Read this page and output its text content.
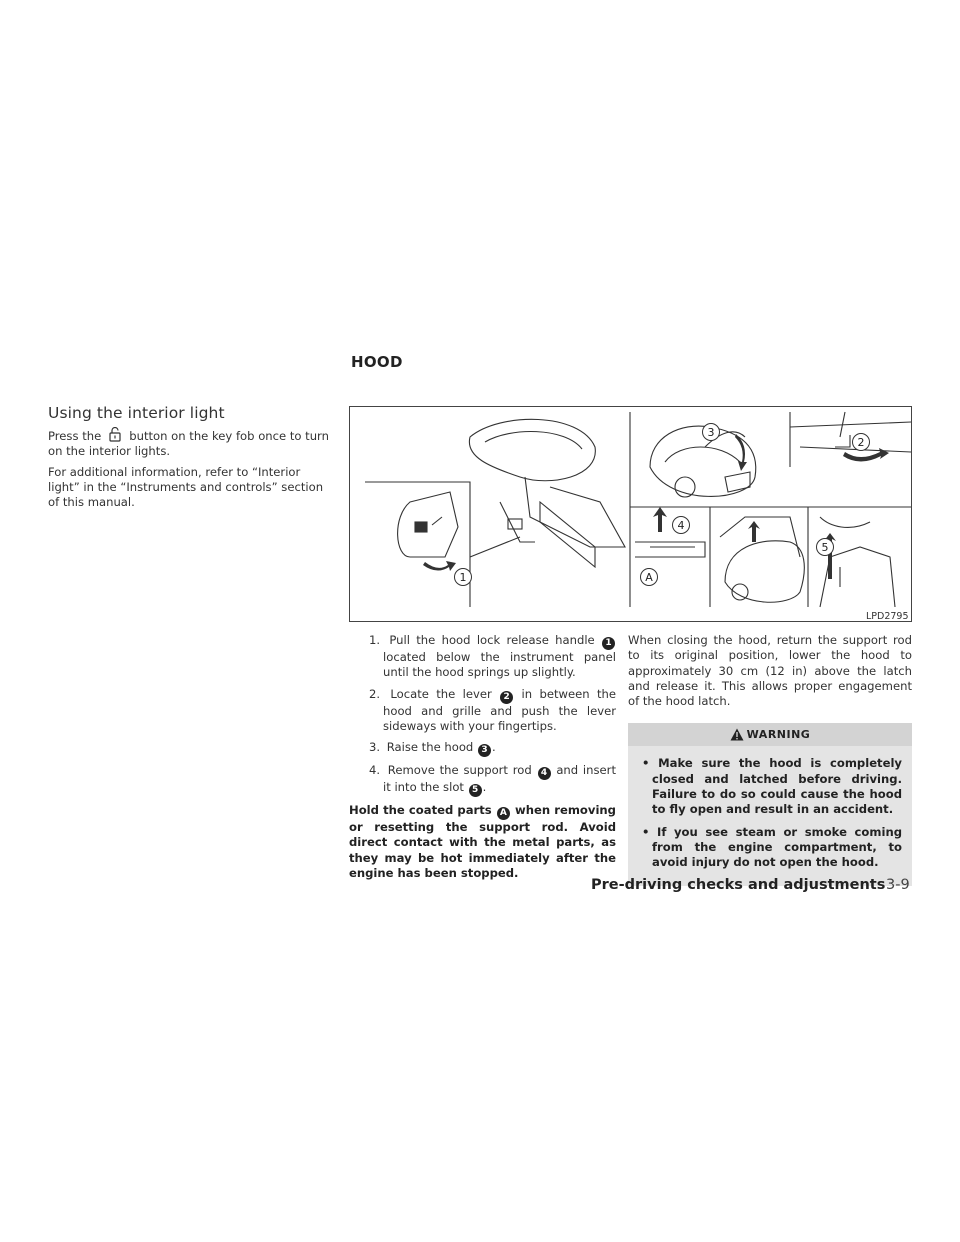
Using the interior light

Press the button on the key fob once to turn on the interior lights.

For additional information, refer to “Interior light” in the “Instruments and controls” section of this manual.

HOOD
1
2
3
4
5
A
LPD2795
1. Pull the hood lock release handle 1 located below the instrument panel until the hood springs up slightly.
2. Locate the lever 2 in between the hood and grille and push the lever sideways with your fingertips.
3. Raise the hood 3 .
4. Remove the support rod 4 and insert it into the slot 5 .
Hold the coated parts A when removing or resetting the support rod. Avoid direct contact with the metal parts, as they may be hot immediately after the engine has been stopped.

When closing the hood, return the support rod to its original position, lower the hood to approximately 30 cm (12 in) above the latch and release it. This allows proper engagement of the hood latch.

WARNING

• Make sure the hood is completely closed and latched before driving. Failure to do so could cause the hood to fly open and result in an accident.

• If you see steam or smoke coming from the engine compartment, to avoid injury do not open the hood.

Pre-driving checks and adjustments 3-9
